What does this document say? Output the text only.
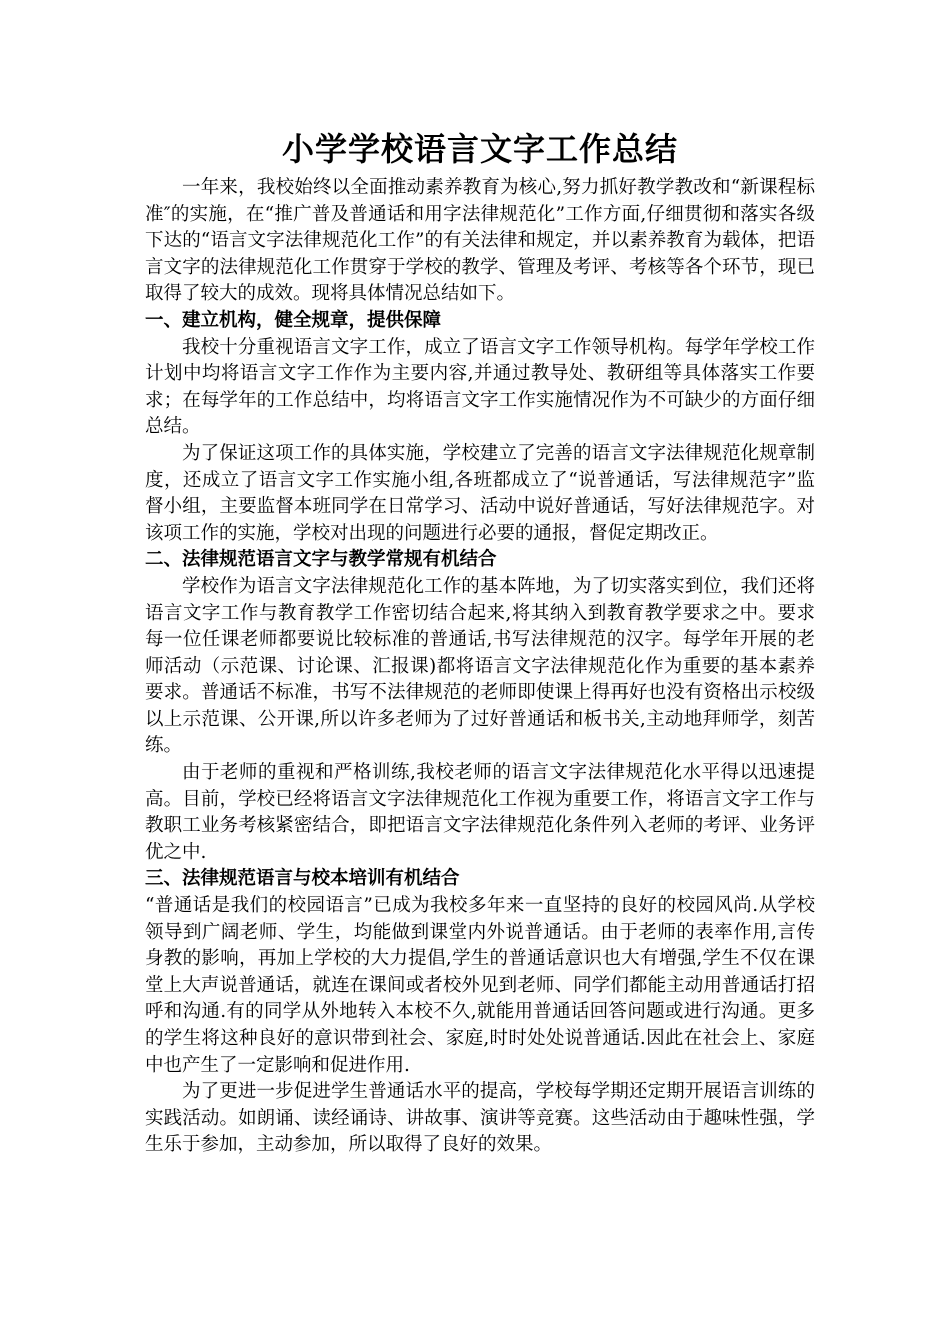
小学学校语言文字工作总结

一年来，我校始终以全面推动素养教育为核心,努力抓好教学教改和“新课程标准″的实施，在“推广普及普通话和用字法律规范化”工作方面,仔细贯彻和落实各级下达的“语言文字法律规范化工作”的有关法律和规定，并以素养教育为载体，把语言文字的法律规范化工作贯穿于学校的教学、管理及考评、考核等各个环节，现已取得了较大的成效。现将具体情况总结如下。

一、建立机构，健全规章，提供保障

我校十分重视语言文字工作，成立了语言文字工作领导机构。每学年学校工作计划中均将语言文字工作作为主要内容,并通过教导处、教研组等具体落实工作要求；在每学年的工作总结中，均将语言文字工作实施情况作为不可缺少的方面仔细总结。

为了保证这项工作的具体实施，学校建立了完善的语言文字法律规范化规章制度，还成立了语言文字工作实施小组,各班都成立了“说普通话，写法律规范字”监督小组，主要监督本班同学在日常学习、活动中说好普通话，写好法律规范字。对该项工作的实施，学校对出现的问题进行必要的通报，督促定期改正。

二、法律规范语言文字与教学常规有机结合

学校作为语言文字法律规范化工作的基本阵地，为了切实落实到位，我们还将语言文字工作与教育教学工作密切结合起来,将其纳入到教育教学要求之中。要求每一位任课老师都要说比较标准的普通话,书写法律规范的汉字。每学年开展的老师活动（示范课、讨论课、汇报课)都将语言文字法律规范化作为重要的基本素养要求。普通话不标准，书写不法律规范的老师即使课上得再好也没有资格出示校级以上示范课、公开课,所以许多老师为了过好普通话和板书关,主动地拜师学，刻苦练。

由于老师的重视和严格训练,我校老师的语言文字法律规范化水平得以迅速提高。目前，学校已经将语言文字法律规范化工作视为重要工作，将语言文字工作与教职工业务考核紧密结合，即把语言文字法律规范化条件列入老师的考评、业务评优之中.

三、法律规范语言与校本培训有机结合

“普通话是我们的校园语言”已成为我校多年来一直坚持的良好的校园风尚.从学校领导到广阔老师、学生，均能做到课堂内外说普通话。由于老师的表率作用,言传身教的影响，再加上学校的大力提倡,学生的普通话意识也大有增强,学生不仅在课堂上大声说普通话，就连在课间或者校外见到老师、同学们都能主动用普通话打招呼和沟通.有的同学从外地转入本校不久,就能用普通话回答问题或进行沟通。更多的学生将这种良好的意识带到社会、家庭,时时处处说普通话.因此在社会上、家庭中也产生了一定影响和促进作用.

为了更进一步促进学生普通话水平的提高，学校每学期还定期开展语言训练的实践活动。如朗诵、读经诵诗、讲故事、演讲等竞赛。这些活动由于趣味性强，学生乐于参加，主动参加，所以取得了良好的效果。
